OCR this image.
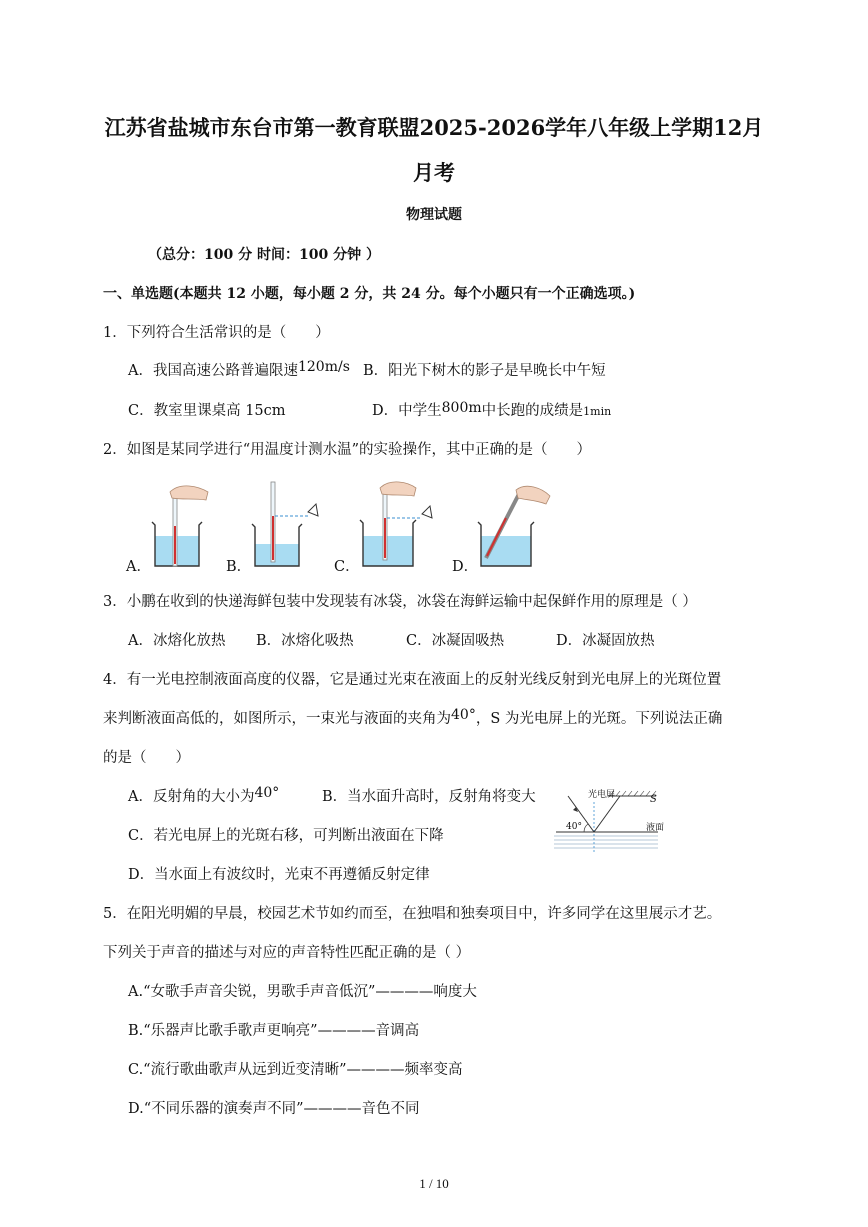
江苏省盐城市东台市第一教育联盟2025-2026学年八年级上学期12月
月考
物理试题
（总分：100 分 时间：100 分钟 ）
一、单选题(本题共 12 小题，每小题 2 分，共 24 分。每个小题只有一个正确选项。)
1．下列符合生活常识的是（　　）
A．我国高速公路普遍限速120m/s B．阳光下树木的影子是早晚长中午短
C．教室里课桌高 15cm	D．中学生800m中长跑的成绩是1min
2．如图是某同学进行“用温度计测水温”的实验操作，其中正确的是（　　）
A．	B．	C．	D．
3．小鹏在收到的快递海鲜包装中发现装有冰袋，冰袋在海鲜运输中起保鲜作用的原理是（ ）
A．冰熔化放热 B．冰熔化吸热	C．冰凝固吸热	D．冰凝固放热
4．有一光电控制液面高度的仪器，它是通过光束在液面上的反射光线反射到光电屏上的光斑位置
来判断液面高低的，如图所示，一束光与液面的夹角为40°，S 为光电屏上的光斑。下列说法正确
的是（　　）
A．反射角的大小为40°	B．当水面升高时，反射角将变大
C．若光电屏上的光斑右移，可判断出液面在下降
D．当水面上有波纹时，光束不再遵循反射定律
光电屏	S
40°	液面
5．在阳光明媚的早晨，校园艺术节如约而至，在独唱和独奏项目中，许多同学在这里展示才艺。
下列关于声音的描述与对应的声音特性匹配正确的是（ ）
A.“女歌手声音尖锐，男歌手声音低沉”————响度大
B.“乐器声比歌手歌声更响亮”————音调高
C.“流行歌曲歌声从远到近变清晰”————频率变高
D.“不同乐器的演奏声不同”————音色不同
1 / 10
